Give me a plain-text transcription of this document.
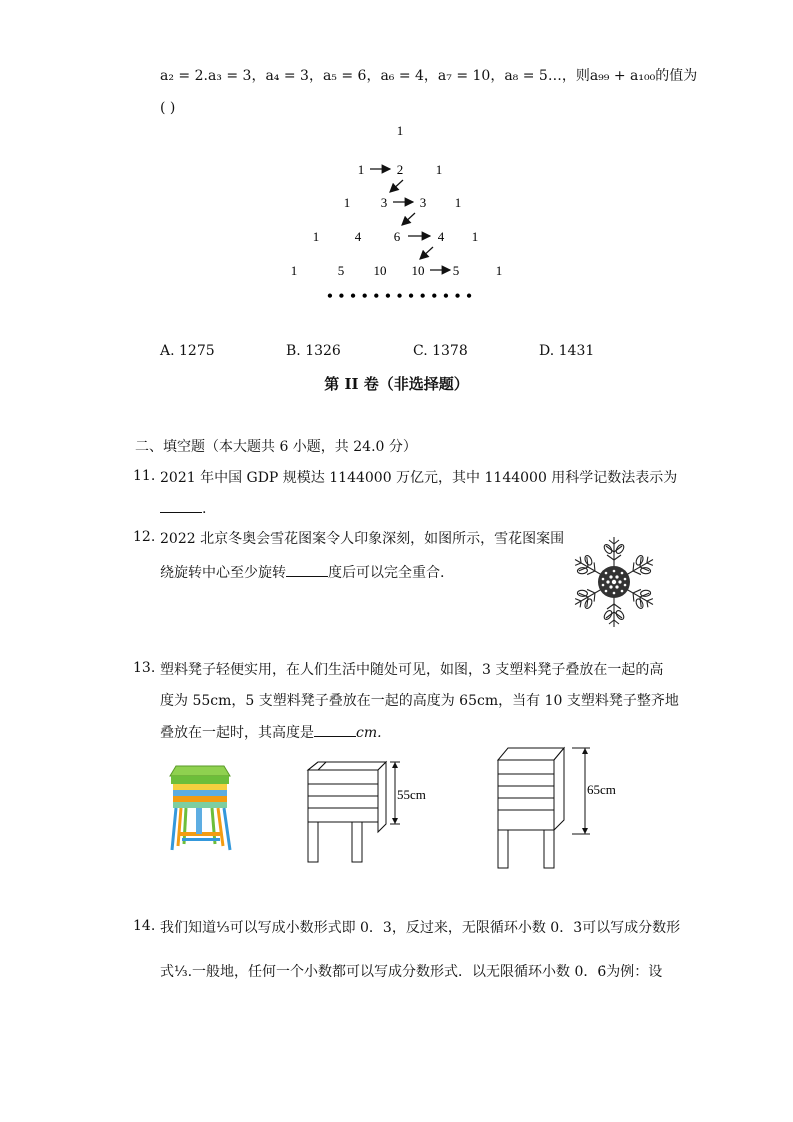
a₂ = 2.a₃ = 3，a₄ = 3，a₅ = 6，a₆ = 4，a₇ = 10，a₈ = 5…，则a₉₉ + a₁₀₀的值为
( )
1
1	2	1
1 3	3 1
1	4	6	4 1
1	5 10 10 5	1
• • • • • • • • • • • • •
A. 1275	B. 1326	C. 1378	D. 1431
第 II 卷（非选择题）
二、填空题（本大题共 6 小题，共 24.0 分）
11. 2021 年中国 GDP 规模达 1144000 万亿元，其中 1144000 用科学记数法表示为
.
12. 2022 北京冬奥会雪花图案令人印象深刻，如图所示，雪花图案围
绕旋转中心至少旋转	度后可以完全重合.
13. 塑料凳子轻便实用，在人们生活中随处可见，如图，3 支塑料凳子叠放在一起的高
度为 55cm，5 支塑料凳子叠放在一起的高度为 65cm，当有 10 支塑料凳子整齐地
叠放在一起时，其高度是	cm.
55cm	65cm
14. 我们知道⅓可以写成小数形式即 0．3，反过来，无限循环小数 0．3̇可以写成分数形
式⅓.一般地，任何一个小数都可以写成分数形式．以无限循环小数 0．6̇为例：设
